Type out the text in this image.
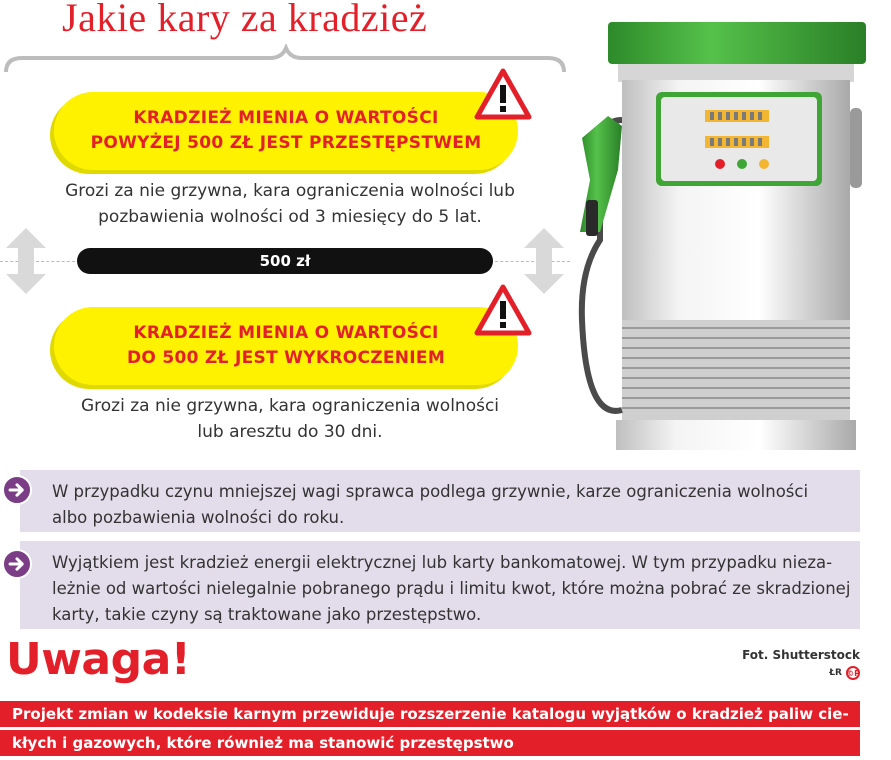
Jakie kary za kradzież
KRADZIEŻ MIENIA O WARTOŚCI
POWYŻEJ 500 ZŁ JEST PRZESTĘPSTWEM
Grozi za nie grzywna, kara ograniczenia wolności lub
pozbawienia wolności od 3 miesięcy do 5 lat.
500 zł
KRADZIEŻ MIENIA O WARTOŚCI
DO 500 ZŁ JEST WYKROCZENIEM
Grozi za nie grzywna, kara ograniczenia wolności
lub aresztu do 30 dni.
W przypadku czynu mniejszej wagi sprawca podlega grzywnie, karze ograniczenia wolności
albo pozbawienia wolności do roku.
Wyjątkiem jest kradzież energii elektrycznej lub karty bankomatowej. W tym przypadku nieza-
leżnie od wartości nielegalnie pobranego prądu i limitu kwot, które można pobrać ze skradzionej
karty, takie czyny są traktowane jako przestępstwo.
Uwaga!	Fot. Shutterstock
ŁR ©P
Projekt zmian w kodeksie karnym przewiduje rozszerzenie katalogu wyjątków o kradzież paliw cie-
kłych i gazowych, które również ma stanowić przestępstwo
